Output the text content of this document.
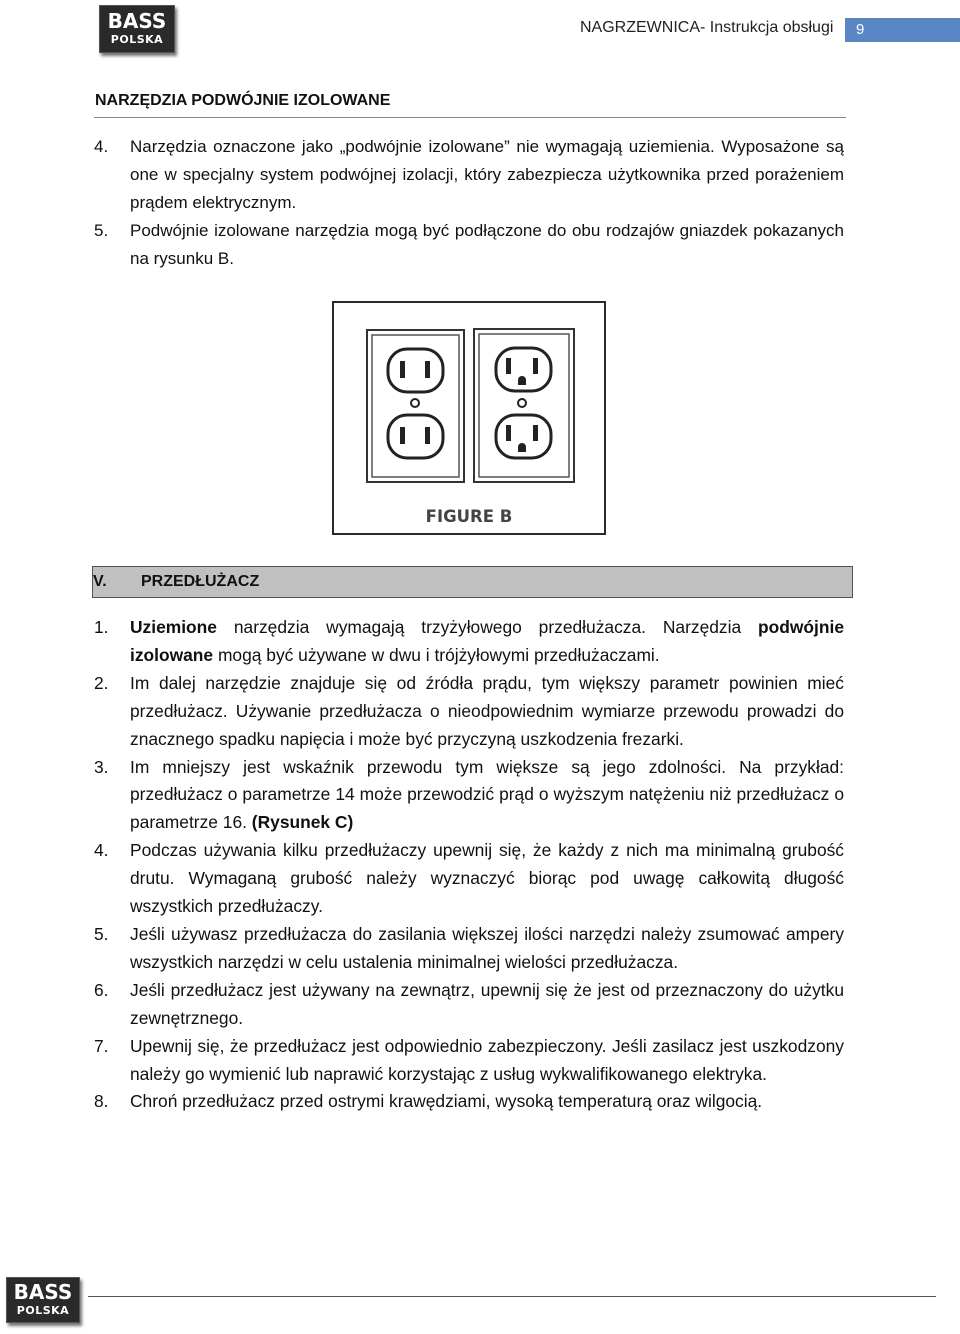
BASS
POLSKA
NAGRZEWNICA- Instrukcja obsługi	9
NARZĘDZIA PODWÓJNIE IZOLOWANE
4. Narzędzia oznaczone jako „podwójnie izolowane” nie wymagają uziemienia. Wyposażone są one w specjalny system podwójnej izolacji, który zabezpiecza użytkownika przed porażeniem prądem elektrycznym.
5. Podwójnie izolowane narzędzia mogą być podłączone do obu rodzajów gniazdek pokazanych na rysunku B.
FIGURE B
V. PRZEDŁUŻACZ
1. Uziemione narzędzia wymagają trzyżyłowego przedłużacza. Narzędzia podwójnie izolowane mogą być używane w dwu i trójżyłowymi przedłużaczami.
2. Im dalej narzędzie znajduje się od źródła prądu, tym większy parametr powinien mieć przedłużacz. Używanie przedłużacza o nieodpowiednim wymiarze przewodu prowadzi do znacznego spadku napięcia i może być przyczyną uszkodzenia frezarki.
3. Im mniejszy jest wskaźnik przewodu tym większe są jego zdolności. Na przykład: przedłużacz o parametrze 14 może przewodzić prąd o wyższym natężeniu niż przedłużacz o parametrze 16. (Rysunek C)
4. Podczas używania kilku przedłużaczy upewnij się, że każdy z nich ma minimalną grubość drutu. Wymaganą grubość należy wyznaczyć biorąc pod uwagę całkowitą długość wszystkich przedłużaczy.
5. Jeśli używasz przedłużacza do zasilania większej ilości narzędzi należy zsumować ampery wszystkich narzędzi w celu ustalenia minimalnej wielości przedłużacza.
6. Jeśli przedłużacz jest używany na zewnątrz, upewnij się że jest od przeznaczony do użytku zewnętrznego.
7. Upewnij się, że przedłużacz jest odpowiednio zabezpieczony. Jeśli zasilacz jest uszkodzony należy go wymienić lub naprawić korzystając z usług wykwalifikowanego elektryka.
8. Chroń przedłużacz przed ostrymi krawędziami, wysoką temperaturą oraz wilgocią.
BASS
POLSKA
